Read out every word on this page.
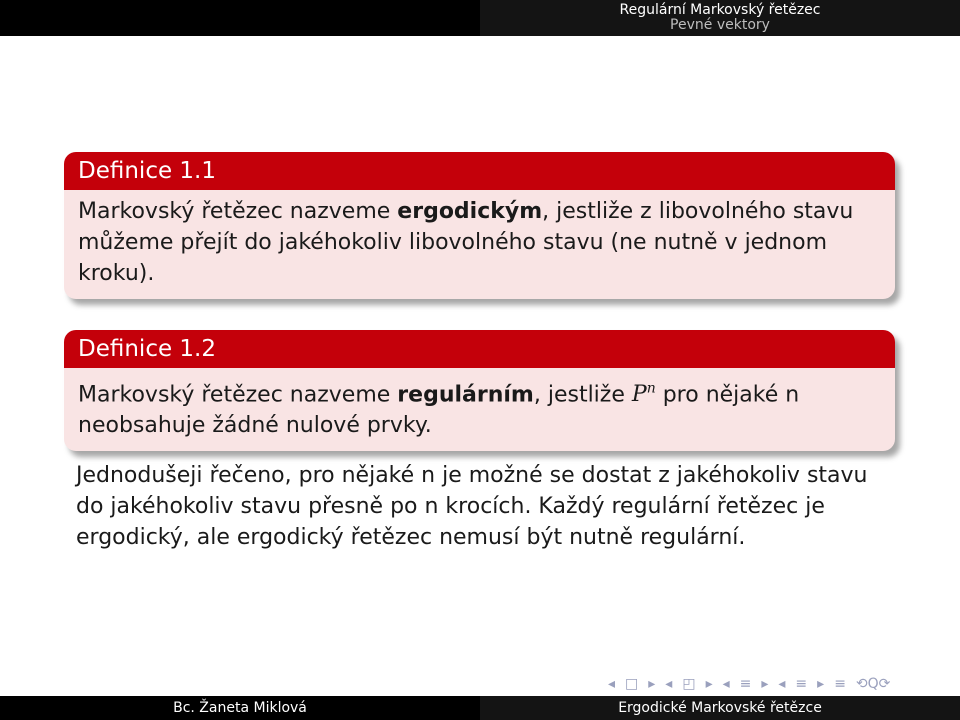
Regulární Markovský řetězec
Pevné vektory
Definice 1.1
Markovský řetězec nazveme ergodickým, jestliže z libovolného stavu můžeme přejít do jakéhokoliv libovolného stavu (ne nutně v jednom kroku).
Definice 1.2
Markovský řetězec nazveme regulárním, jestliže $P^n$ pro nějaké n neobsahuje žádné nulové prvky.
Jednodušeji řečeno, pro nějaké n je možné se dostat z jakéhokoliv stavu do jakéhokoliv stavu přesně po n krocích. Každý regulární řetězec je ergodický, ale ergodický řetězec nemusí být nutně regulární.
◂ □ ▸ ◂ ◰ ▸ ◂ ≡ ▸ ◂ ≡ ▸ ≡ ⟲Q⟳
Bc. Žaneta Miklová	Ergodické Markovské řetězce
